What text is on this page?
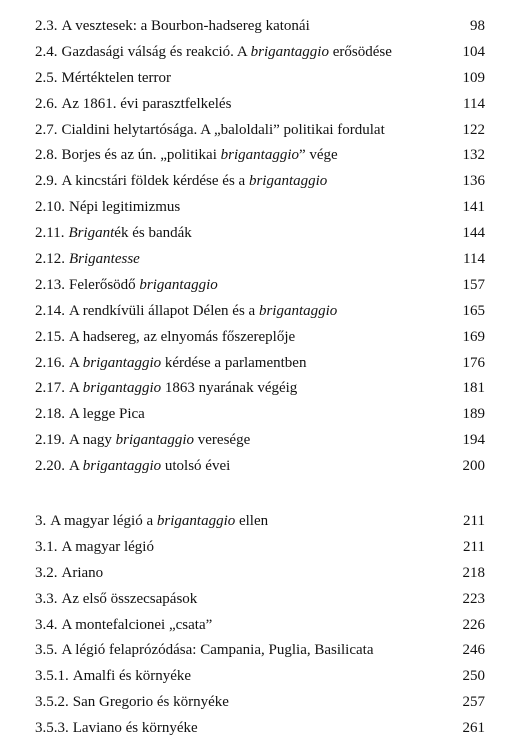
2.3. A vesztesek: a Bourbon-hadsereg katonái	98
2.4. Gazdasági válság és reakció. A brigantaggio erősödése	104
2.5. Mértéktelen terror	109
2.6. Az 1861. évi parasztfelkelés	114
2.7. Cialdini helytartósága. A „baloldali” politikai fordulat	122
2.8. Borjes és az ún. „politikai brigantaggio” vége	132
2.9. A kincstári földek kérdése és a brigantaggio	136
2.10. Népi legitimizmus	141
2.11. Briganték és bandák	144
2.12. Brigantesse	114
2.13. Felerősödő brigantaggio	157
2.14. A rendkívüli állapot Délen és a brigantaggio	165
2.15. A hadsereg, az elnyomás főszereplője	169
2.16. A brigantaggio kérdése a parlamentben	176
2.17. A brigantaggio 1863 nyarának végéig	181
2.18. A legge Pica	189
2.19. A nagy brigantaggio veresége	194
2.20. A brigantaggio utolsó évei	200
3. A magyar légió a brigantaggio ellen	211
3.1. A magyar légió	211
3.2. Ariano	218
3.3. Az első összecsapások	223
3.4. A montefalcionei „csata”	226
3.5. A légió felaprózódása: Campania, Puglia, Basilicata	246
3.5.1. Amalfi és környéke	250
3.5.2. San Gregorio és környéke	257
3.5.3. Laviano és környéke	261
